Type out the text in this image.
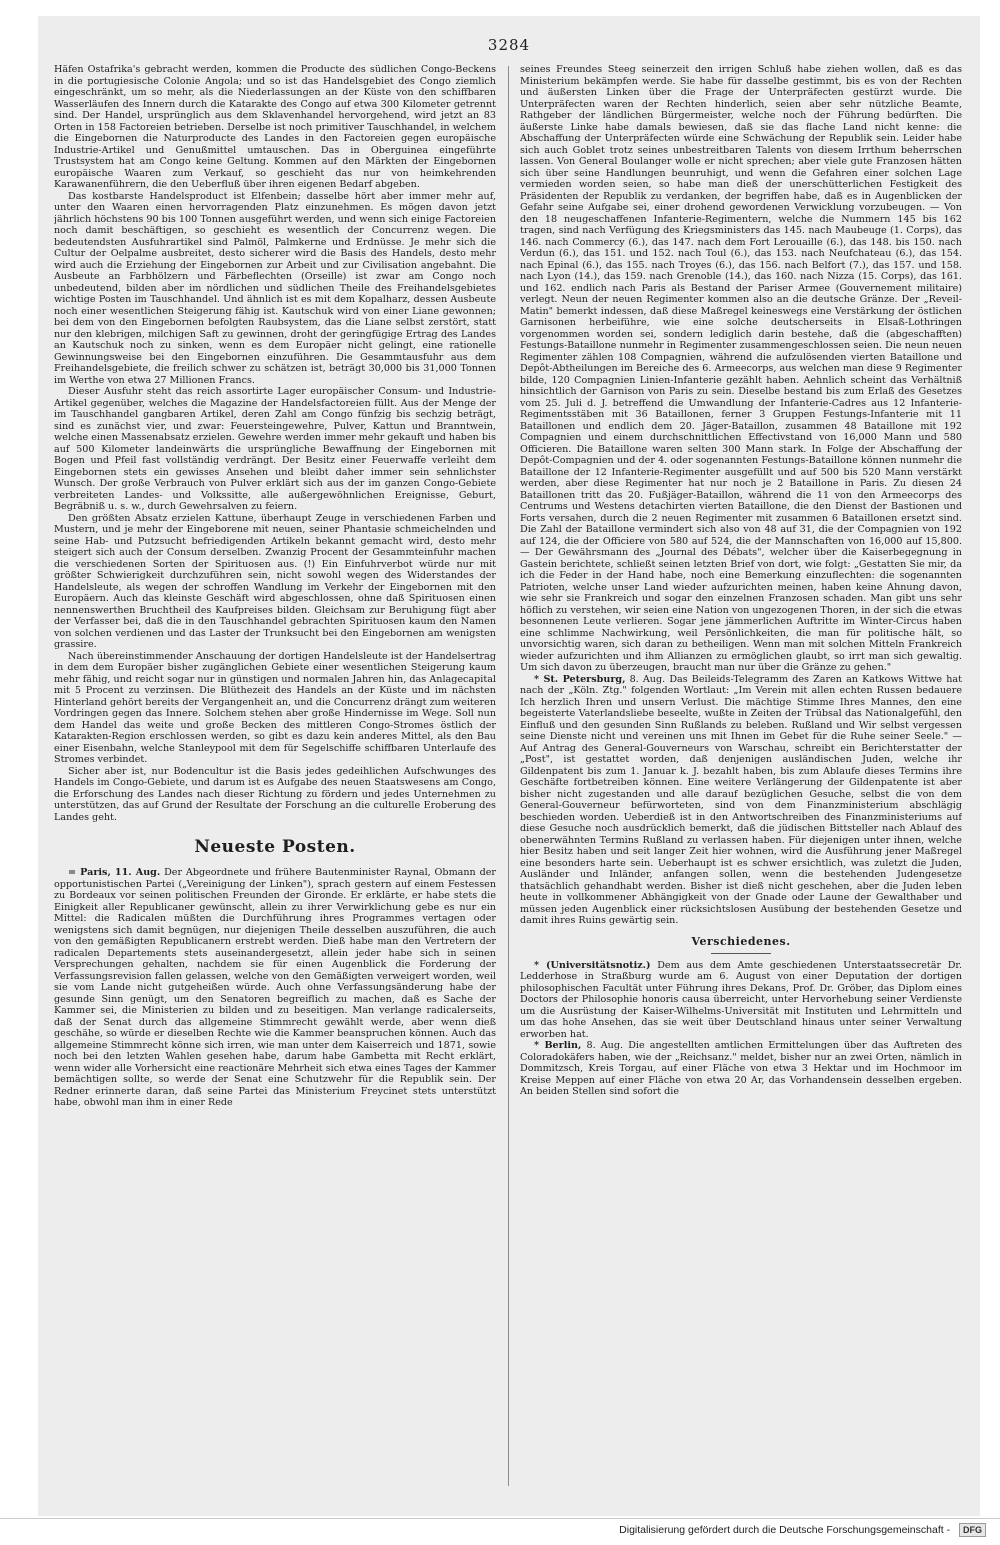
3284

Häfen Ostafrika's gebracht werden, kommen die Producte des südlichen Congo-Beckens in die portugiesische Colonie Angola; und so ist das Handelsgebiet des Congo ziemlich eingeschränkt, um so mehr, als die Niederlassungen an der Küste von den schiffbaren Wasserläufen des Innern durch die Katarakte des Congo auf etwa 300 Kilometer getrennt sind. Der Handel, ursprünglich aus dem Sklavenhandel hervorgehend, wird jetzt an 83 Orten in 158 Factoreien betrieben. Derselbe ist noch primitiver Tauschhandel, in welchem die Eingebornen die Naturproducte des Landes in den Factoreien gegen europäische Industrie-Artikel und Genußmittel umtauschen. Das in Oberguinea eingeführte Trustsystem hat am Congo keine Geltung. Kommen auf den Märkten der Eingebornen europäische Waaren zum Verkauf, so geschieht das nur von heimkehrenden Karawanenführern, die den Ueberfluß über ihren eigenen Bedarf abgeben.

Das kostbarste Handelsproduct ist Elfenbein; dasselbe hört aber immer mehr auf, unter den Waaren einen hervorragenden Platz einzunehmen. Es mögen davon jetzt jährlich höchstens 90 bis 100 Tonnen ausgeführt werden, und wenn sich einige Factoreien noch damit beschäftigen, so geschieht es wesentlich der Concurrenz wegen. Die bedeutendsten Ausfuhrartikel sind Palmöl, Palmkerne und Erdnüsse. Je mehr sich die Cultur der Oelpalme ausbreitet, desto sicherer wird die Basis des Handels, desto mehr wird auch die Erziehung der Eingebornen zur Arbeit und zur Civilisation angebahnt. Die Ausbeute an Farbhölzern und Färbeflechten (Orseille) ist zwar am Congo noch unbedeutend, bilden aber im nördlichen und südlichen Theile des Freihandelsgebietes wichtige Posten im Tauschhandel. Und ähnlich ist es mit dem Kopalharz, dessen Ausbeute noch einer wesentlichen Steigerung fähig ist. Kautschuk wird von einer Liane gewonnen; bei dem von den Eingebornen befolgten Raubsystem, das die Liane selbst zerstört, statt nur den klebrigen, milchigen Saft zu gewinnen, droht der geringfügige Ertrag des Landes an Kautschuk noch zu sinken, wenn es dem Europäer nicht gelingt, eine rationelle Gewinnungsweise bei den Eingebornen einzuführen. Die Gesammtausfuhr aus dem Freihandelsgebiete, die freilich schwer zu schätzen ist, beträgt 30,000 bis 31,000 Tonnen im Werthe von etwa 27 Millionen Francs.

Dieser Ausfuhr steht das reich assortirte Lager europäischer Consum- und Industrie-Artikel gegenüber, welches die Magazine der Handelsfactoreien füllt. Aus der Menge der im Tauschhandel gangbaren Artikel, deren Zahl am Congo fünfzig bis sechzig beträgt, sind es zunächst vier, und zwar: Feuersteingewehre, Pulver, Kattun und Branntwein, welche einen Massenabsatz erzielen. Gewehre werden immer mehr gekauft und haben bis auf 500 Kilometer landeinwärts die ursprüngliche Bewaffnung der Eingebornen mit Bogen und Pfeil fast vollständig verdrängt. Der Besitz einer Feuerwaffe verleiht dem Eingebornen stets ein gewisses Ansehen und bleibt daher immer sein sehnlichster Wunsch. Der große Verbrauch von Pulver erklärt sich aus der im ganzen Congo-Gebiete verbreiteten Landes- und Volkssitte, alle außergewöhnlichen Ereignisse, Geburt, Begräbniß u. s. w., durch Gewehrsalven zu feiern.

Den größten Absatz erzielen Kattune, überhaupt Zeuge in verschiedenen Farben und Mustern, und je mehr der Eingeborene mit neuen, seiner Phantasie schmeichelnden und seine Hab- und Putzsucht befriedigenden Artikeln bekannt gemacht wird, desto mehr steigert sich auch der Consum derselben. Zwanzig Procent der Gesammteinfuhr machen die verschiedenen Sorten der Spirituosen aus. (!) Ein Einfuhrverbot würde nur mit größter Schwierigkeit durchzuführen sein, nicht sowohl wegen des Widerstandes der Handelsleute, als wegen der schroffen Wandlung im Verkehr der Eingebornen mit den Europäern. Auch das kleinste Geschäft wird abgeschlossen, ohne daß Spirituosen einen nennenswerthen Bruchtheil des Kaufpreises bilden. Gleichsam zur Beruhigung fügt aber der Verfasser bei, daß die in den Tauschhandel gebrachten Spirituosen kaum den Namen von solchen verdienen und das Laster der Trunksucht bei den Eingebornen am wenigsten grassire.

Nach übereinstimmender Anschauung der dortigen Handelsleute ist der Handelsertrag in dem dem Europäer bisher zugänglichen Gebiete einer wesentlichen Steigerung kaum mehr fähig, und reicht sogar nur in günstigen und normalen Jahren hin, das Anlagecapital mit 5 Procent zu verzinsen. Die Blüthezeit des Handels an der Küste und im nächsten Hinterland gehört bereits der Vergangenheit an, und die Concurrenz drängt zum weiteren Vordringen gegen das Innere. Solchem stehen aber große Hindernisse im Wege. Soll nun dem Handel das weite und große Becken des mittleren Congo-Stromes östlich der Katarakten-Region erschlossen werden, so gibt es dazu kein anderes Mittel, als den Bau einer Eisenbahn, welche Stanleypool mit dem für Segelschiffe schiffbaren Unterlaufe des Stromes verbindet.

Sicher aber ist, nur Bodencultur ist die Basis jedes gedeihlichen Aufschwunges des Handels im Congo-Gebiete, und darum ist es Aufgabe des neuen Staatswesens am Congo, die Erforschung des Landes nach dieser Richtung zu fördern und jedes Unternehmen zu unterstützen, das auf Grund der Resultate der Forschung an die culturelle Eroberung des Landes geht.

Neueste Posten.

= Paris, 11. Aug. Der Abgeordnete und frühere Bautenminister Raynal, Obmann der opportunistischen Partei („Vereinigung der Linken"), sprach gestern auf einem Festessen zu Bordeaux vor seinen politischen Freunden der Gironde. Er erklärte, er habe stets die Einigkeit aller Republicaner gewünscht, allein zu ihrer Verwirklichung gebe es nur ein Mittel: die Radicalen müßten die Durchführung ihres Programmes vertagen oder wenigstens sich damit begnügen, nur diejenigen Theile desselben auszuführen, die auch von den gemäßigten Republicanern erstrebt werden. Dieß habe man den Vertretern der radicalen Departements stets auseinandergesetzt, allein jeder habe sich in seinen Versprechungen gehalten, nachdem sie für einen Augenblick die Forderung der Verfassungsrevision fallen gelassen, welche von den Gemäßigten verweigert worden, weil sie vom Lande nicht gutgeheißen würde. Auch ohne Verfassungsänderung habe der gesunde Sinn genügt, um den Senatoren begreiflich zu machen, daß es Sache der Kammer sei, die Ministerien zu bilden und zu beseitigen. Man verlange radicalerseits, daß der Senat durch das allgemeine Stimmrecht gewählt werde, aber wenn dieß geschähe, so würde er dieselben Rechte wie die Kammer beanspruchen können. Auch das allgemeine Stimmrecht könne sich irren, wie man unter dem Kaiserreich und 1871, sowie noch bei den letzten Wahlen gesehen habe, darum habe Gambetta mit Recht erklärt, wenn wider alle Vorhersicht eine reactionäre Mehrheit sich etwa eines Tages der Kammer bemächtigen sollte, so werde der Senat eine Schutzwehr für die Republik sein. Der Redner erinnerte daran, daß seine Partei das Ministerium Freycinet stets unterstützt habe, obwohl man ihm in einer Rede

seines Freundes Steeg seinerzeit den irrigen Schluß habe ziehen wollen, daß es das Ministerium bekämpfen werde. Sie habe für dasselbe gestimmt, bis es von der Rechten und äußersten Linken über die Frage der Unterpräfecten gestürzt wurde. Die Unterpräfecten waren der Rechten hinderlich, seien aber sehr nützliche Beamte, Rathgeber der ländlichen Bürgermeister, welche noch der Führung bedürften. Die äußerste Linke habe damals bewiesen, daß sie das flache Land nicht kenne: die Abschaffung der Unterpräfecten würde eine Schwächung der Republik sein. Leider habe sich auch Goblet trotz seines unbestreitbaren Talents von diesem Irrthum beherrschen lassen. Von General Boulanger wolle er nicht sprechen; aber viele gute Franzosen hätten sich über seine Handlungen beunruhigt, und wenn die Gefahren einer solchen Lage vermieden worden seien, so habe man dieß der unerschütterlichen Festigkeit des Präsidenten der Republik zu verdanken, der begriffen habe, daß es in Augenblicken der Gefahr seine Aufgabe sei, einer drohend gewordenen Verwicklung vorzubeugen. — Von den 18 neugeschaffenen Infanterie-Regimentern, welche die Nummern 145 bis 162 tragen, sind nach Verfügung des Kriegsministers das 145. nach Maubeuge (1. Corps), das 146. nach Commercy (6.), das 147. nach dem Fort Lerouaille (6.), das 148. bis 150. nach Verdun (6.), das 151. und 152. nach Toul (6.), das 153. nach Neufchateau (6.), das 154. nach Epinal (6.), das 155. nach Troyes (6.), das 156. nach Belfort (7.), das 157. und 158. nach Lyon (14.), das 159. nach Grenoble (14.), das 160. nach Nizza (15. Corps), das 161. und 162. endlich nach Paris als Bestand der Pariser Armee (Gouvernement militaire) verlegt. Neun der neuen Regimenter kommen also an die deutsche Gränze. Der „Reveil-Matin" bemerkt indessen, daß diese Maßregel keineswegs eine Verstärkung der östlichen Garnisonen herbeiführe, wie eine solche deutscherseits in Elsaß-Lothringen vorgenommen worden sei, sondern lediglich darin bestehe, daß die (abgeschafften) Festungs-Bataillone nunmehr in Regimenter zusammengeschlossen seien. Die neun neuen Regimenter zählen 108 Compagnien, während die aufzulösenden vierten Bataillone und Depôt-Abtheilungen im Bereiche des 6. Armeecorps, aus welchen man diese 9 Regimenter bilde, 120 Compagnien Linien-Infanterie gezählt haben. Aehnlich scheint das Verhältniß hinsichtlich der Garnison von Paris zu sein. Dieselbe bestand bis zum Erlaß des Gesetzes vom 25. Juli d. J. betreffend die Umwandlung der Infanterie-Cadres aus 12 Infanterie-Regimentsstäben mit 36 Bataillonen, ferner 3 Gruppen Festungs-Infanterie mit 11 Bataillonen und endlich dem 20. Jäger-Bataillon, zusammen 48 Bataillone mit 192 Compagnien und einem durchschnittlichen Effectivstand von 16,000 Mann und 580 Officieren. Die Bataillone waren selten 300 Mann stark. In Folge der Abschaffung der Depôt-Compagnien und der 4. oder sogenannten Festungs-Bataillone können nunmehr die Bataillone der 12 Infanterie-Regimenter ausgefüllt und auf 500 bis 520 Mann verstärkt werden, aber diese Regimenter hat nur noch je 2 Bataillone in Paris. Zu diesen 24 Bataillonen tritt das 20. Fußjäger-Bataillon, während die 11 von den Armeecorps des Centrums und Westens detachirten vierten Bataillone, die den Dienst der Bastionen und Forts versahen, durch die 2 neuen Regimenter mit zusammen 6 Bataillonen ersetzt sind. Die Zahl der Bataillone vermindert sich also von 48 auf 31, die der Compagnien von 192 auf 124, die der Officiere von 580 auf 524, die der Mannschaften von 16,000 auf 15,800. — Der Gewährsmann des „Journal des Débats", welcher über die Kaiserbegegnung in Gastein berichtete, schließt seinen letzten Brief von dort, wie folgt: „Gestatten Sie mir, da ich die Feder in der Hand habe, noch eine Bemerkung einzuflechten: die sogenannten Patrioten, welche unser Land wieder aufzurichten meinen, haben keine Ahnung davon, wie sehr sie Frankreich und sogar den einzelnen Franzosen schaden. Man gibt uns sehr höflich zu verstehen, wir seien eine Nation von ungezogenen Thoren, in der sich die etwas besonnenen Leute verlieren. Sogar jene jämmerlichen Auftritte im Winter-Circus haben eine schlimme Nachwirkung, weil Persönlichkeiten, die man für politische hält, so unvorsichtig waren, sich daran zu betheiligen. Wenn man mit solchen Mitteln Frankreich wieder aufzurichten und ihm Allianzen zu ermöglichen glaubt, so irrt man sich gewaltig. Um sich davon zu überzeugen, braucht man nur über die Gränze zu gehen."

* St. Petersburg, 8. Aug. Das Beileids-Telegramm des Zaren an Katkows Wittwe hat nach der „Köln. Ztg." folgenden Wortlaut: „Im Verein mit allen echten Russen bedauere Ich herzlich Ihren und unsern Verlust. Die mächtige Stimme Ihres Mannes, den eine begeisterte Vaterlandsliebe beseelte, wußte in Zeiten der Trübsal das Nationalgefühl, den Einfluß und den gesunden Sinn Rußlands zu beleben. Rußland und Wir selbst vergessen seine Dienste nicht und vereinen uns mit Ihnen im Gebet für die Ruhe seiner Seele." — Auf Antrag des General-Gouverneurs von Warschau, schreibt ein Berichterstatter der „Post", ist gestattet worden, daß denjenigen ausländischen Juden, welche ihr Gildenpatent bis zum 1. Januar k. J. bezahlt haben, bis zum Ablaufe dieses Termins ihre Geschäfte fortbetreiben können. Eine weitere Verlängerung der Gildenpatente ist aber bisher nicht zugestanden und alle darauf bezüglichen Gesuche, selbst die von dem General-Gouverneur befürworteten, sind von dem Finanzministerium abschlägig beschieden worden. Ueberdieß ist in den Antwortschreiben des Finanzministeriums auf diese Gesuche noch ausdrücklich bemerkt, daß die jüdischen Bittsteller nach Ablauf des obenerwähnten Termins Rußland zu verlassen haben. Für diejenigen unter ihnen, welche hier Besitz haben und seit langer Zeit hier wohnen, wird die Ausführung jener Maßregel eine besonders harte sein. Ueberhaupt ist es schwer ersichtlich, was zuletzt die Juden, Ausländer und Inländer, anfangen sollen, wenn die bestehenden Judengesetze thatsächlich gehandhabt werden. Bisher ist dieß nicht geschehen, aber die Juden leben heute in vollkommener Abhängigkeit von der Gnade oder Laune der Gewalthaber und müssen jeden Augenblick einer rücksichtslosen Ausübung der bestehenden Gesetze und damit ihres Ruins gewärtig sein.

Verschiedenes.

* (Universitätsnotiz.) Dem aus dem Amte geschiedenen Unterstaatssecretär Dr. Ledderhose in Straßburg wurde am 6. August von einer Deputation der dortigen philosophischen Facultät unter Führung ihres Dekans, Prof. Dr. Gröber, das Diplom eines Doctors der Philosophie honoris causa überreicht, unter Hervorhebung seiner Verdienste um die Ausrüstung der Kaiser-Wilhelms-Universität mit Instituten und Lehrmitteln und um das hohe Ansehen, das sie weit über Deutschland hinaus unter seiner Verwaltung erworben hat.

* Berlin, 8. Aug. Die angestellten amtlichen Ermittelungen über das Auftreten des Coloradokäfers haben, wie der „Reichsanz." meldet, bisher nur an zwei Orten, nämlich in Dommitzsch, Kreis Torgau, auf einer Fläche von etwa 3 Hektar und im Hochmoor im Kreise Meppen auf einer Fläche von etwa 20 Ar, das Vorhandensein desselben ergeben. An beiden Stellen sind sofort die

Digitalisierung gefördert durch die Deutsche Forschungsgemeinschaft - DFG
